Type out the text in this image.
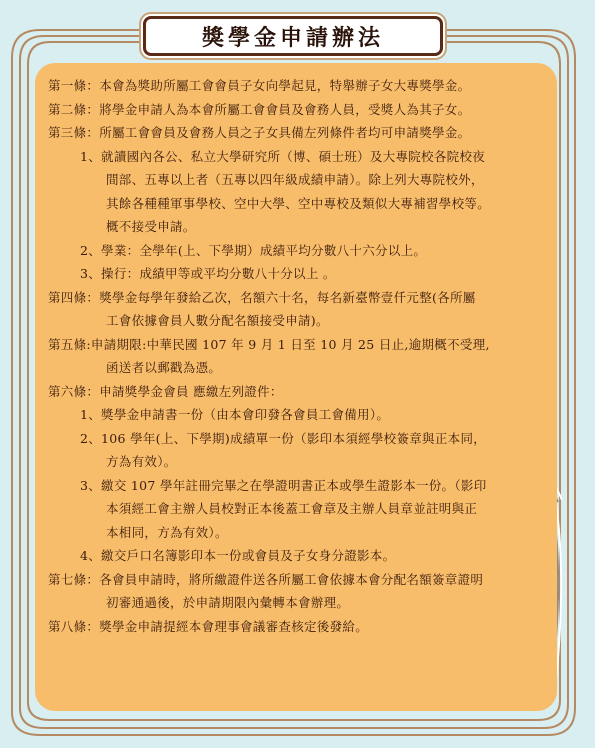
第一條：本會為獎助所屬工會會員子女向學起見，特舉辦子女大專獎學金。
第二條：將學金申請人為本會所屬工會會員及會務人員，受獎人為其子女。
第三條：所屬工會會員及會務人員之子女具備左列條件者均可申請獎學金。
1、就讀國內各公、私立大學研究所（博、碩士班）及大專院校各院校夜
間部、五專以上者（五專以四年級成績申請）。除上列大專院校外，
其餘各種種軍事學校、空中大學、空中專校及類似大專補習學校等。
概不接受申請。
2、學業：全學年(上、下學期）成績平均分數八十六分以上。
3、操行：成績甲等或平均分數八十分以上 。
第四條：獎學金每學年發給乙次，名額六十名，每名新臺幣壹仟元整(各所屬
工會依據會員人數分配名額接受申請)。
第五條:申請期限:中華民國 107 年 9 月 1 日至 10 月 25 日止,逾期概不受理,
函送者以郵戳為憑。
第六條：申請獎學金會員 應繳左列證件：
1、獎學金申請書一份（由本會印發各會員工會備用）。
2、106 學年(上、下學期)成績單一份（影印本須經學校簽章與正本同，
方為有效）。
3、繳交 107 學年註冊完畢之在學證明書正本或學生證影本一份。（影印
本須經工會主辦人員校對正本後蓋工會章及主辦人員章並註明與正
本相同，方為有效）。
4、繳交戶口名簿影印本一份或會員及子女身分證影本。
第七條：各會員申請時，將所繳證件送各所屬工會依據本會分配名額簽章證明
初審通過後，於申請期限內彙轉本會辦理。
第八條：獎學金申請提經本會理事會議審查核定後發給。
獎學金申請辦法
